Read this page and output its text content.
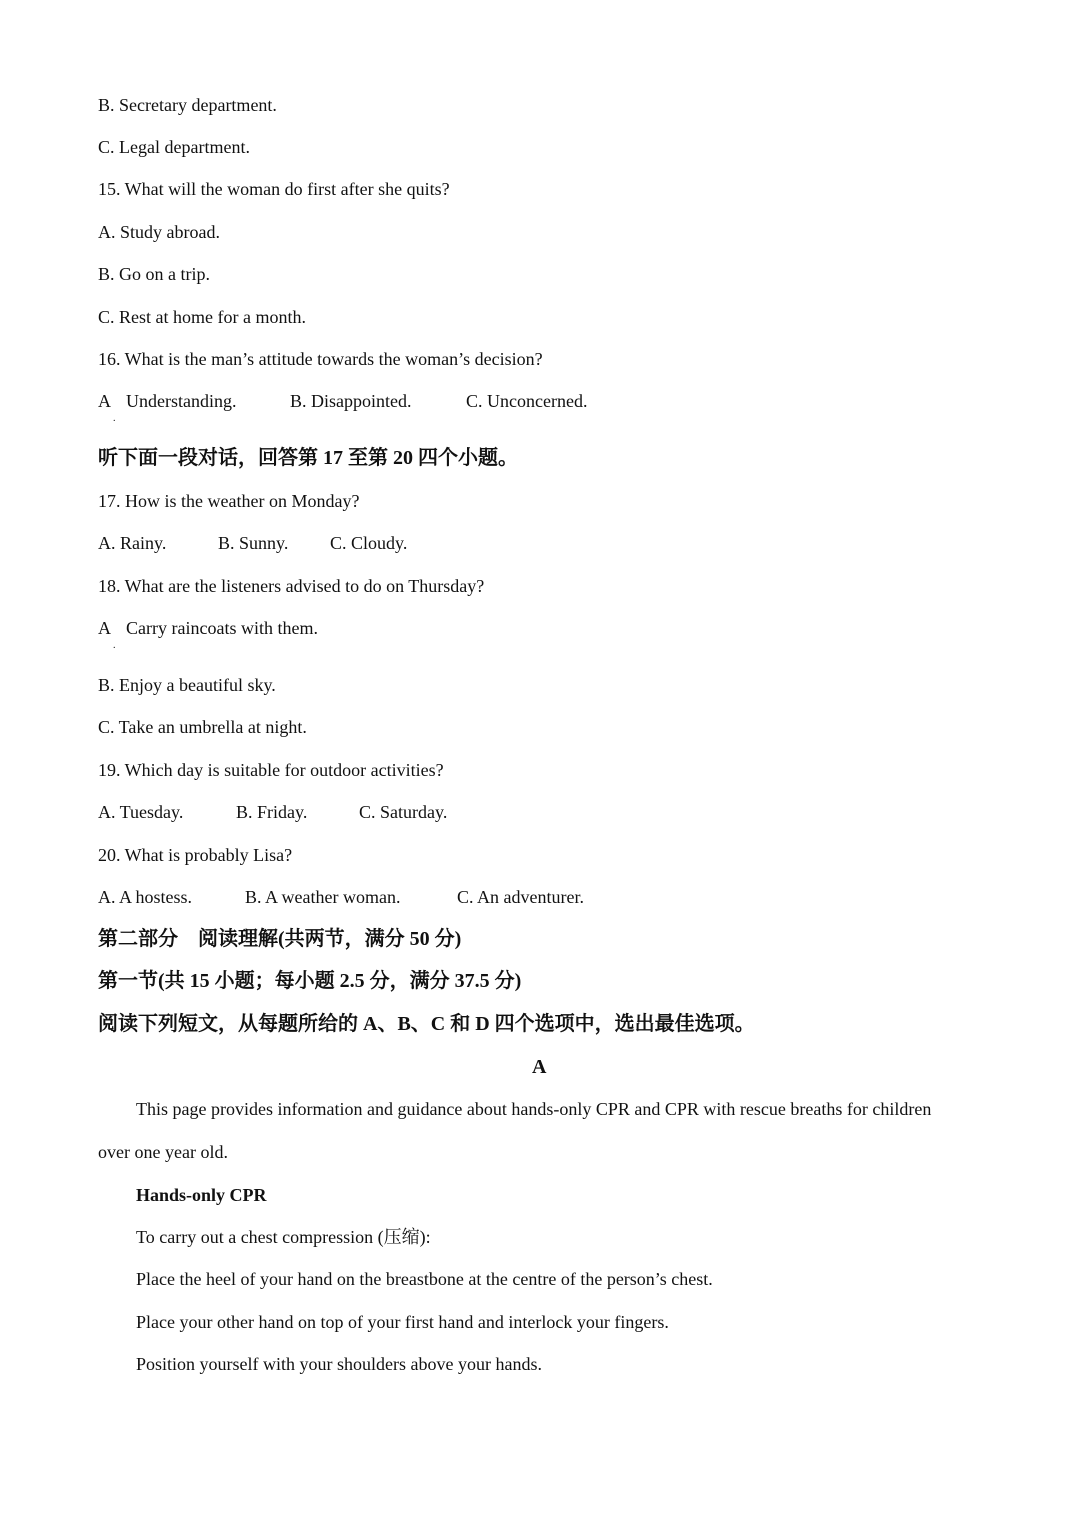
B. Secretary department.
C. Legal department.
15. What will the woman do first after she quits?
A. Study abroad.
B. Go on a trip.
C. Rest at home for a month.
16. What is the man’s attitude towards the woman’s decision?
A
.
Understanding.	B. Disappointed.	C. Unconcerned.
听下面一段对话，回答第 17 至第 20 四个小题。
17. How is the weather on Monday?
A. Rainy.	B. Sunny. C. Cloudy.
18. What are the listeners advised to do on Thursday?
A
.
Carry raincoats with them.
B. Enjoy a beautiful sky.
C. Take an umbrella at night.
19. Which day is suitable for outdoor activities?
A. Tuesday.	B. Friday.	C. Saturday.
20. What is probably Lisa?
A. A hostess.	B. A weather woman.	C. An adventurer.
第二部分　阅读理解(共两节，满分 50 分)
第一节(共 15 小题；每小题 2.5 分，满分 37.5 分)
阅读下列短文，从每题所给的 A、B、C 和 D 四个选项中，选出最佳选项。
A
This page provides information and guidance about hands-only CPR and CPR with rescue breaths for children
over one year old.
Hands-only CPR
To carry out a chest compression (压缩):
Place the heel of your hand on the breastbone at the centre of the person’s chest.
Place your other hand on top of your first hand and interlock your fingers.
Position yourself with your shoulders above your hands.
